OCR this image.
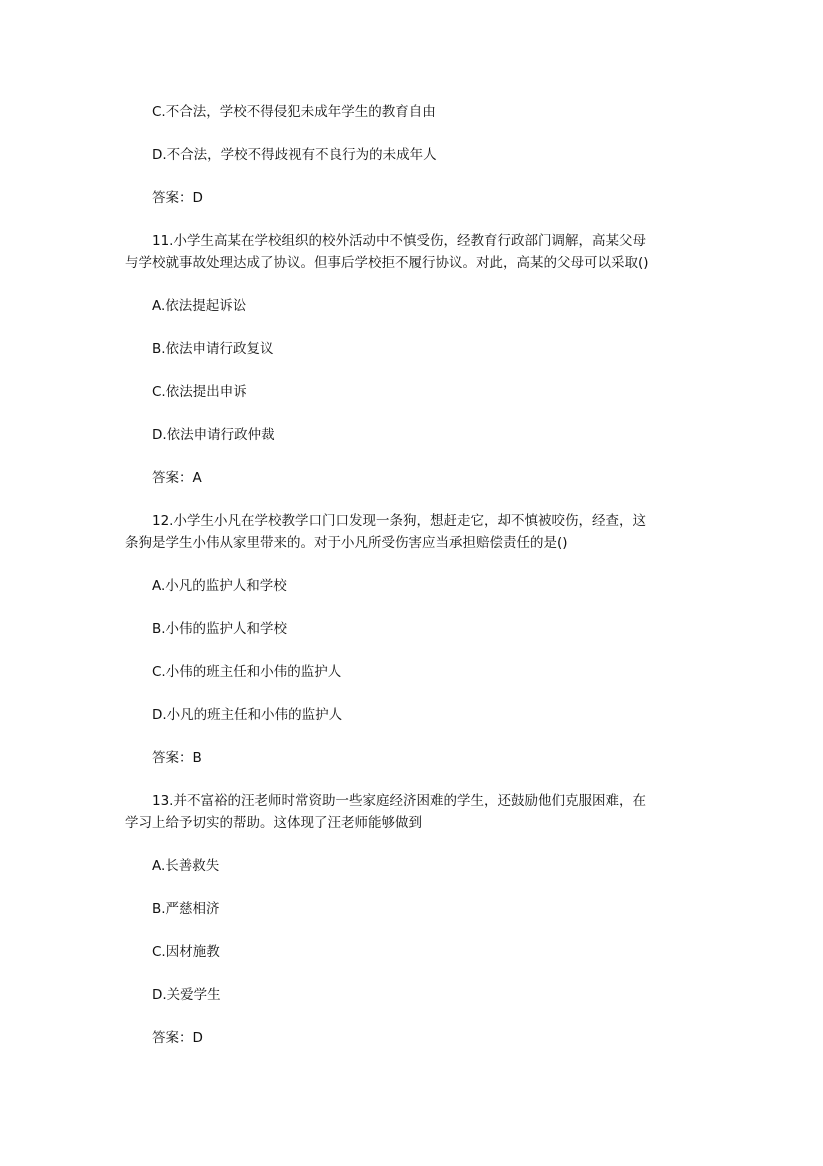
C.不合法，学校不得侵犯未成年学生的教育自由

D.不合法，学校不得歧视有不良行为的未成年人

答案：D

11.小学生高某在学校组织的校外活动中不慎受伤，经教育行政部门调解，高某父母
与学校就事故处理达成了协议。但事后学校拒不履行协议。对此，高某的父母可以采取()

A.依法提起诉讼

B.依法申请行政复议

C.依法提出申诉

D.依法申请行政仲裁

答案：A

12.小学生小凡在学校教学口门口发现一条狗，想赶走它，却不慎被咬伤，经查，这
条狗是学生小伟从家里带来的。对于小凡所受伤害应当承担赔偿责任的是()

A.小凡的监护人和学校

B.小伟的监护人和学校

C.小伟的班主任和小伟的监护人

D.小凡的班主任和小伟的监护人

答案：B

13.并不富裕的汪老师时常资助一些家庭经济困难的学生，还鼓励他们克服困难，在
学习上给予切实的帮助。这体现了汪老师能够做到

A.长善救失

B.严慈相济

C.因材施教

D.关爱学生

答案：D
